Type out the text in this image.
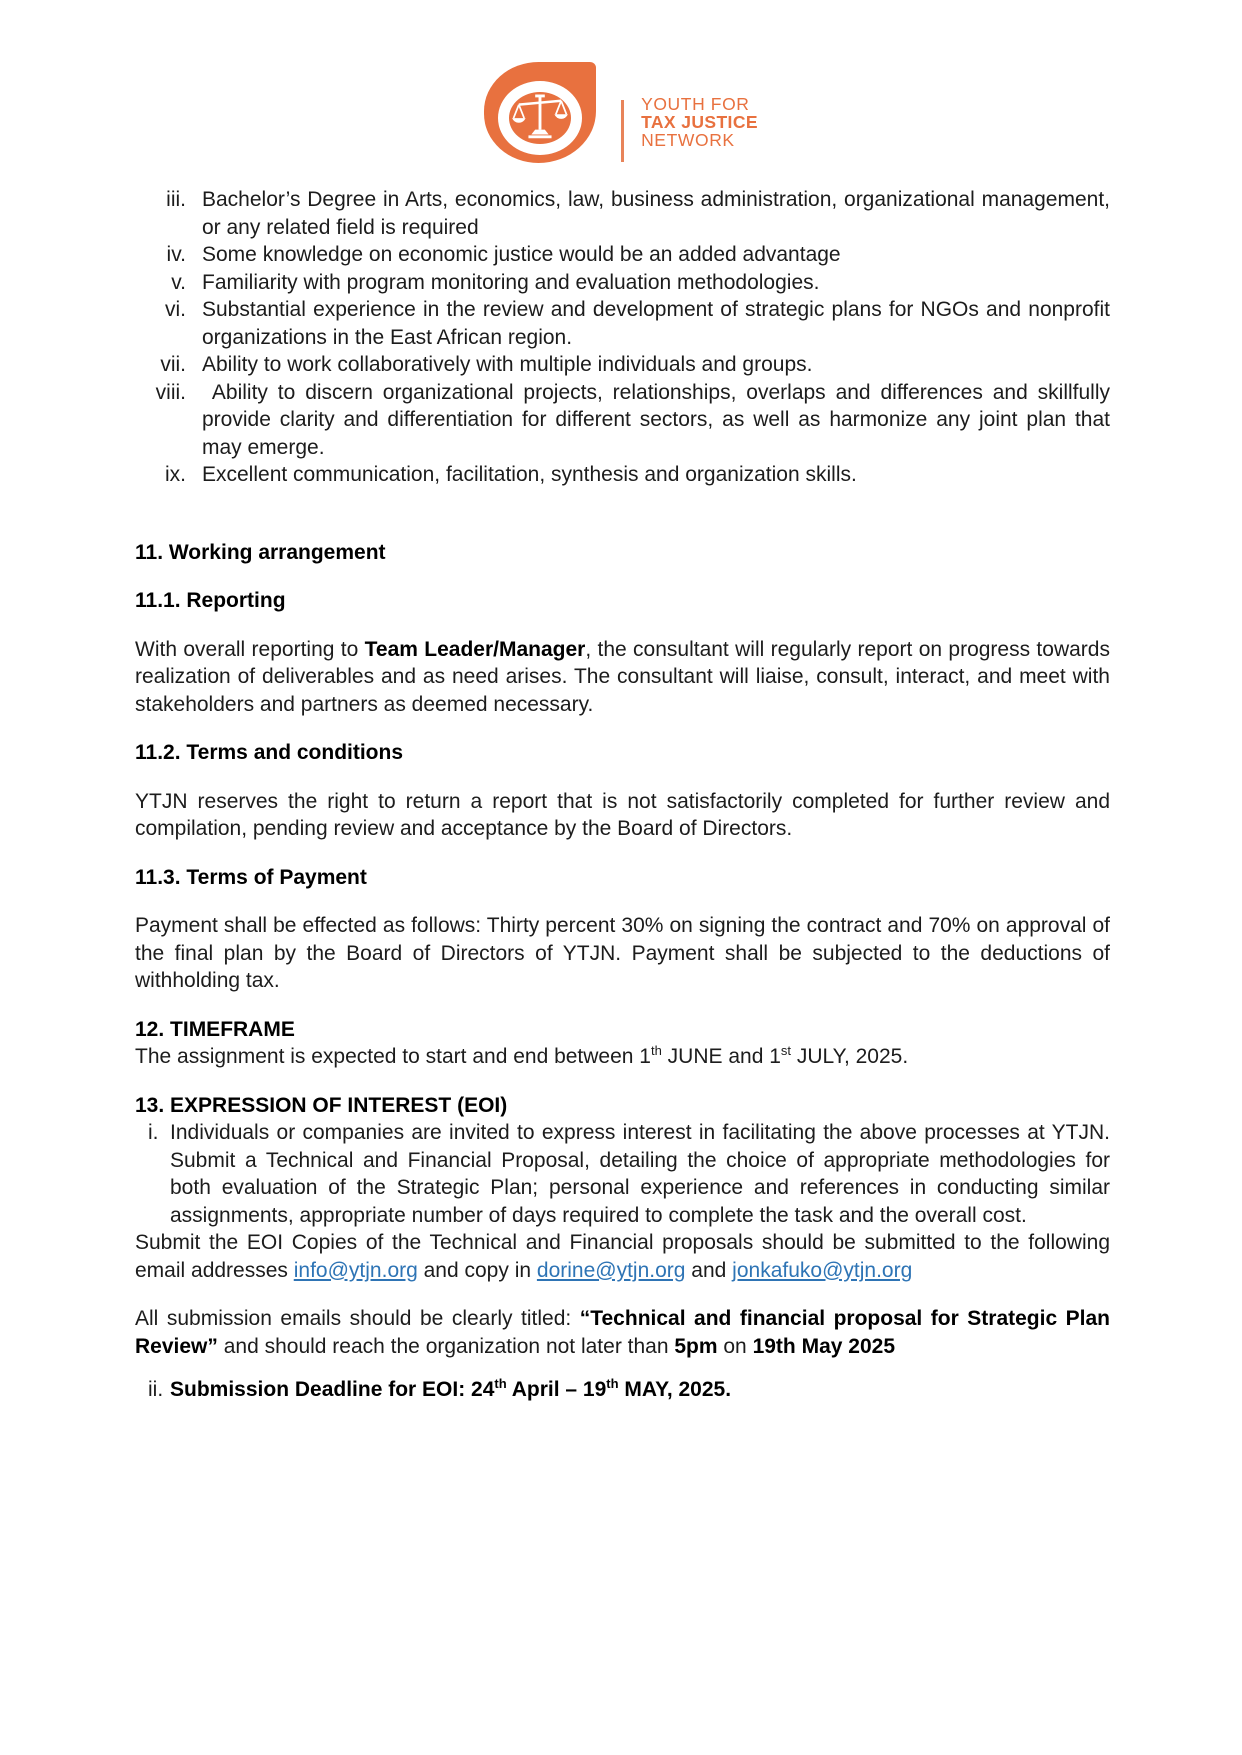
YOUTH FOR
TAX JUSTICE
NETWORK
iii. Bachelor’s Degree in Arts, economics, law, business administration, organizational management, or any related field is required
iv. Some knowledge on economic justice would be an added advantage
v. Familiarity with program monitoring and evaluation methodologies.
vi. Substantial experience in the review and development of strategic plans for NGOs and nonprofit organizations in the East African region.
vii. Ability to work collaboratively with multiple individuals and groups.
viii. Ability to discern organizational projects, relationships, overlaps and differences and skillfully provide clarity and differentiation for different sectors, as well as harmonize any joint plan that may emerge.
ix. Excellent communication, facilitation, synthesis and organization skills.
11. Working arrangement
11.1. Reporting

With overall reporting to Team Leader/Manager, the consultant will regularly report on progress towards realization of deliverables and as need arises. The consultant will liaise, consult, interact, and meet with stakeholders and partners as deemed necessary.

11.2. Terms and conditions

YTJN reserves the right to return a report that is not satisfactorily completed for further review and compilation, pending review and acceptance by the Board of Directors.

11.3. Terms of Payment

Payment shall be effected as follows: Thirty percent 30% on signing the contract and 70% on approval of the final plan by the Board of Directors of YTJN. Payment shall be subjected to the deductions of withholding tax.

12. TIMEFRAME

The assignment is expected to start and end between 1th JUNE and 1st JULY, 2025.

13. EXPRESSION OF INTEREST (EOI)
i. Individuals or companies are invited to express interest in facilitating the above processes at YTJN. Submit a Technical and Financial Proposal, detailing the choice of appropriate methodologies for both evaluation of the Strategic Plan; personal experience and references in conducting similar assignments, appropriate number of days required to complete the task and the overall cost.

Submit the EOI Copies of the Technical and Financial proposals should be submitted to the following email addresses info@ytjn.org and copy in dorine@ytjn.org and jonkafuko@ytjn.org

All submission emails should be clearly titled: “Technical and financial proposal for Strategic Plan Review” and should reach the organization not later than 5pm on 19th May 2025

ii. Submission Deadline for EOI: 24th April – 19th MAY, 2025.
